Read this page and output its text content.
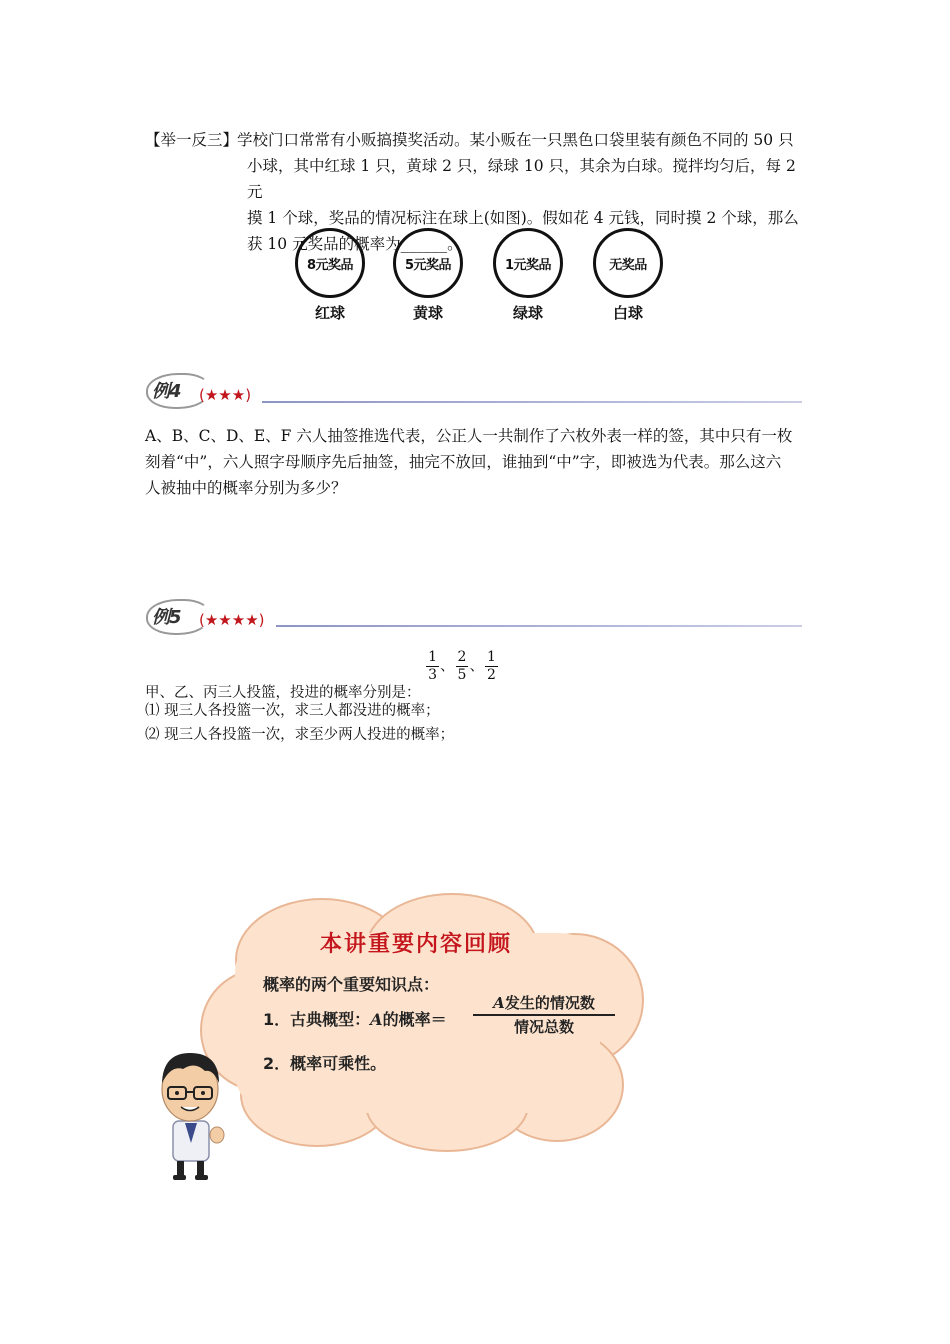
【举一反三】
学校门口常常有小贩搞摸奖活动。某小贩在一只黑色口袋里装有颜色不同的 50 只
小球，其中红球 1 只，黄球 2 只，绿球 10 只，其余为白球。搅拌均匀后，每 2 元
摸 1 个球，奖品的情况标注在球上(如图)。假如花 4 元钱，同时摸 2 个球，那么
获 10 元奖品的概率为______。
8元奖品
红球
5元奖品
黄球
1元奖品
绿球
无奖品
白球
例4 (★★★)
A、B、C、D、E、F 六人抽签推选代表，公正人一共制作了六枚外表一样的签，其中只有一枚
刻着“中”，六人照字母顺序先后抽签，抽完不放回，谁抽到“中”字，即被选为代表。那么这六
人被抽中的概率分别为多少？
例5 (★★★★)
甲、乙、丙三人投篮，投进的概率分别是：
$\frac{1}{3}$ 、 $\frac{2}{5}$ 、 $\frac{1}{2}$
⑴ 现三人各投篮一次，求三人都没进的概率；
⑵ 现三人各投篮一次，求至少两人投进的概率；
本讲重要内容回顾
概率的两个重要知识点：
1．古典概型：A的概率＝
A发生的情况数
情况总数
2．概率可乘性。
